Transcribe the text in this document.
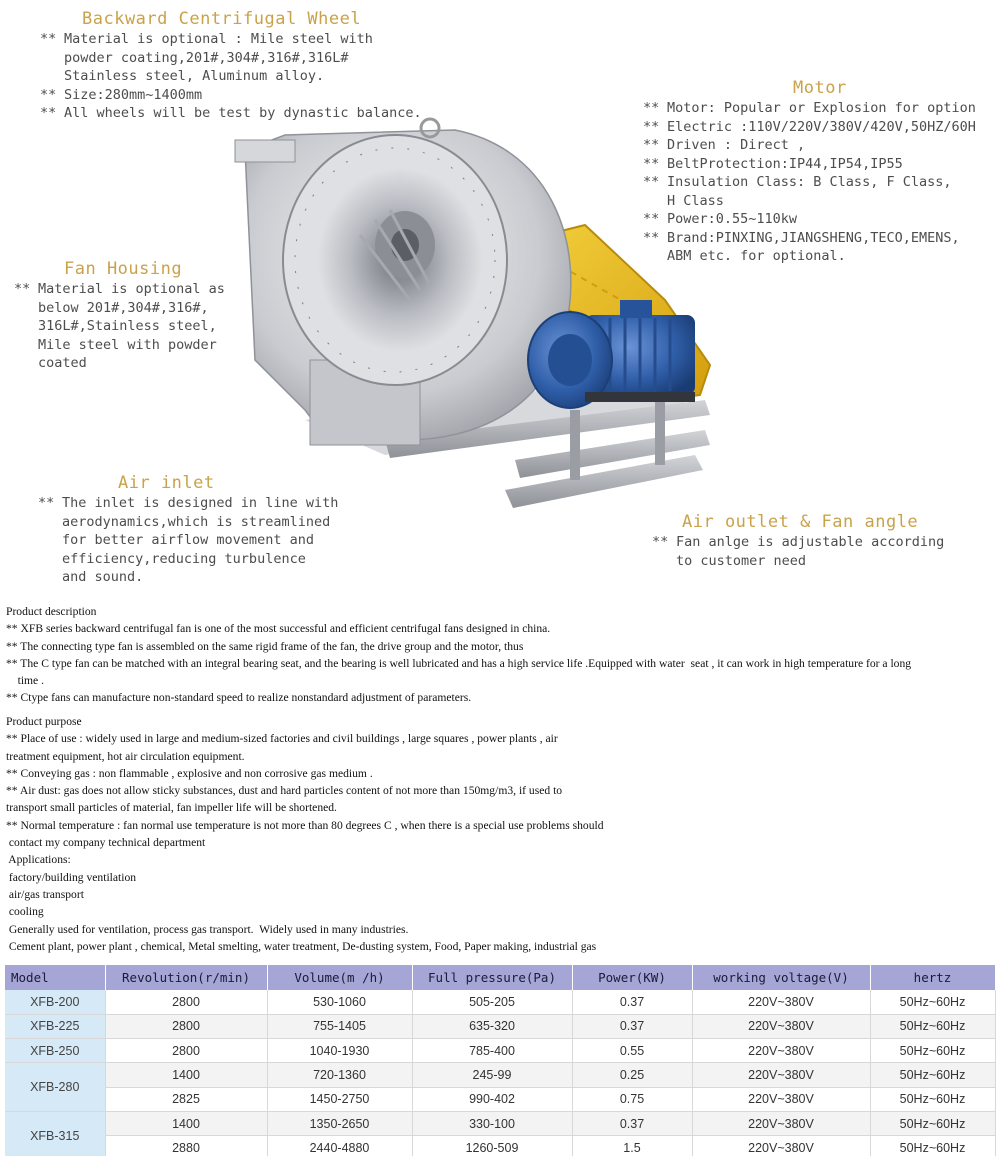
Backward Centrifugal Wheel
** Material is optional : Mile steel with
powder coating,201#,304#,316#,316L#
Stainless steel, Aluminum alloy.
** Size:280mm~1400mm
** All wheels will be test by dynastic balance.
Motor
** Motor: Popular or Explosion for option
** Electric :110V/220V/380V/420V,50HZ/60H
** Driven : Direct ,
** BeltProtection:IP44,IP54,IP55
** Insulation Class: B Class, F Class,
H Class
** Power:0.55~110kw
** Brand:PINXING,JIANGSHENG,TECO,EMENS,
ABM etc. for optional.
Fan Housing
** Material is optional as
below 201#,304#,316#,
316L#,Stainless steel,
Mile steel with powder
coated
Air inlet
** The inlet is designed in line with
aerodynamics,which is streamlined
for better airflow movement and
efficiency,reducing turbulence
and sound.
Air outlet & Fan angle
** Fan anlge is adjustable according
to customer need
Product description
** XFB series backward centrifugal fan is one of the most successful and efficient centrifugal fans designed in china.
** The connecting type fan is assembled on the same rigid frame of the fan, the drive group and the motor, thus
** The C type fan can be matched with an integral bearing seat, and the bearing is well lubricated and has a high service life .Equipped with water  seat , it can work in high temperature for a long
time .
** Ctype fans can manufacture non-standard speed to realize nonstandard adjustment of parameters.
Product purpose
** Place of use : widely used in large and medium-sized factories and civil buildings , large squares , power plants , air
treatment equipment, hot air circulation equipment.
** Conveying gas : non flammable , explosive and non corrosive gas medium .
** Air dust: gas does not allow sticky substances, dust and hard particles content of not more than 150mg/m3, if used to
transport small particles of material, fan impeller life will be shortened.
** Normal temperature : fan normal use temperature is not more than 80 degrees C , when there is a special use problems should
contact my company technical department
Applications:
factory/building ventilation
air/gas transport
cooling
Generally used for ventilation, process gas transport.  Widely used in many industries.
Cement plant, power plant , chemical, Metal smelting, water treatment, De-dusting system, Food, Paper making, industrial gas
Model	Revolution(r/min)	Volume(m /h)	Full pressure(Pa)	Power(KW)	working voltage(V)	hertz
XFB-200	2800	530-1060	505-205	0.37	220V~380V	50Hz~60Hz
XFB-225	2800	755-1405	635-320	0.37	220V~380V	50Hz~60Hz
XFB-250	2800	1040-1930	785-400	0.55	220V~380V	50Hz~60Hz
XFB-280	1400	720-1360	245-99	0.25	220V~380V	50Hz~60Hz
	2825	1450-2750	990-402	0.75	220V~380V	50Hz~60Hz
XFB-315	1400	1350-2650	330-100	0.37	220V~380V	50Hz~60Hz
	2880	2440-4880	1260-509	1.5	220V~380V	50Hz~60Hz
